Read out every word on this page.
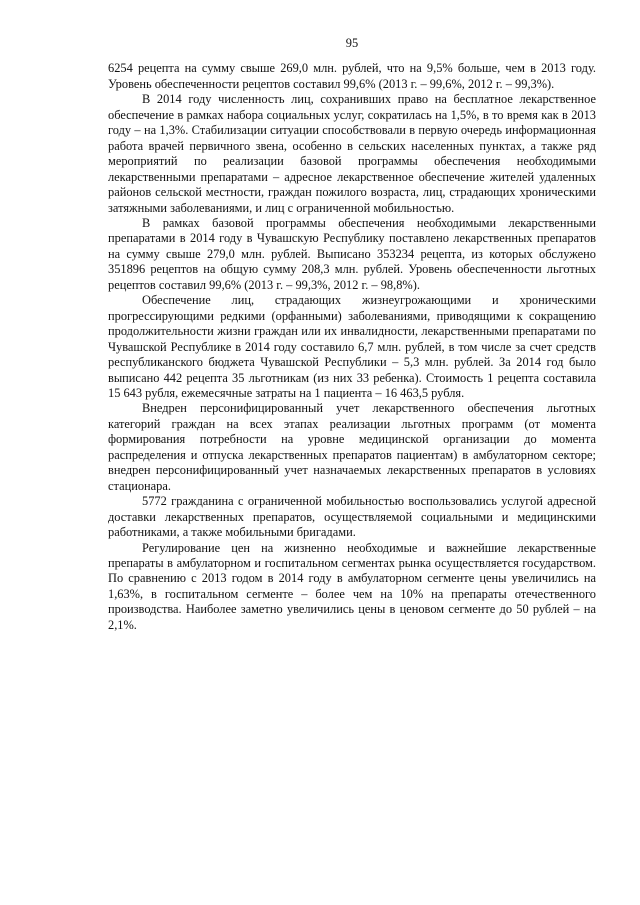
95

6254 рецепта на сумму свыше 269,0 млн. рублей, что на 9,5% больше, чем в 2013 году. Уровень обеспеченности рецептов составил 99,6% (2013 г. – 99,6%, 2012 г. – 99,3%).

В 2014 году численность лиц, сохранивших право на бесплатное лекарственное обеспечение в рамках набора социальных услуг, сократилась на 1,5%, в то время как в 2013 году – на 1,3%. Стабилизации ситуации способствовали в первую очередь информационная работа врачей первичного звена, особенно в сельских населенных пунктах, а также ряд мероприятий по реализации базовой программы обеспечения необходимыми лекарственными препаратами – адресное лекарственное обеспечение жителей удаленных районов сельской местности, граждан пожилого возраста, лиц, страдающих хроническими затяжными заболеваниями, и лиц с ограниченной мобильностью.

В рамках базовой программы обеспечения необходимыми лекарственными препаратами в 2014 году в Чувашскую Республику поставлено лекарственных препаратов на сумму свыше 279,0 млн. рублей. Выписано 353234 рецепта, из которых обслужено 351896 рецептов на общую сумму 208,3 млн. рублей. Уровень обеспеченности льготных рецептов составил 99,6% (2013 г. – 99,3%, 2012 г. – 98,8%).

Обеспечение лиц, страдающих жизнеугрожающими и хроническими прогрессирующими редкими (орфанными) заболеваниями, приводящими к сокращению продолжительности жизни граждан или их инвалидности, лекарственными препаратами по Чувашской Республике в 2014 году составило 6,7 млн. рублей, в том числе за счет средств республиканского бюджета Чувашской Республики – 5,3 млн. рублей. За 2014 год было выписано 442 рецепта 35 льготникам (из них 33 ребенка). Стоимость 1 рецепта составила 15 643 рубля, ежемесячные затраты на 1 пациента – 16 463,5 рубля.

Внедрен персонифицированный учет лекарственного обеспечения льготных категорий граждан на всех этапах реализации льготных программ (от момента формирования потребности на уровне медицинской организации до момента распределения и отпуска лекарственных препаратов пациентам) в амбулаторном секторе; внедрен персонифицированный учет назначаемых лекарственных препаратов в условиях стационара.

5772 гражданина с ограниченной мобильностью воспользовались услугой адресной доставки лекарственных препаратов, осуществляемой социальными и медицинскими работниками, а также мобильными бригадами.

Регулирование цен на жизненно необходимые и важнейшие лекарственные препараты в амбулаторном и госпитальном сегментах рынка осуществляется государством. По сравнению с 2013 годом в 2014 году в амбулаторном сегменте цены увеличились на 1,63%, в госпитальном сегменте – более чем на 10% на препараты отечественного производства. Наиболее заметно увеличились цены в ценовом сегменте до 50 рублей – на 2,1%.
